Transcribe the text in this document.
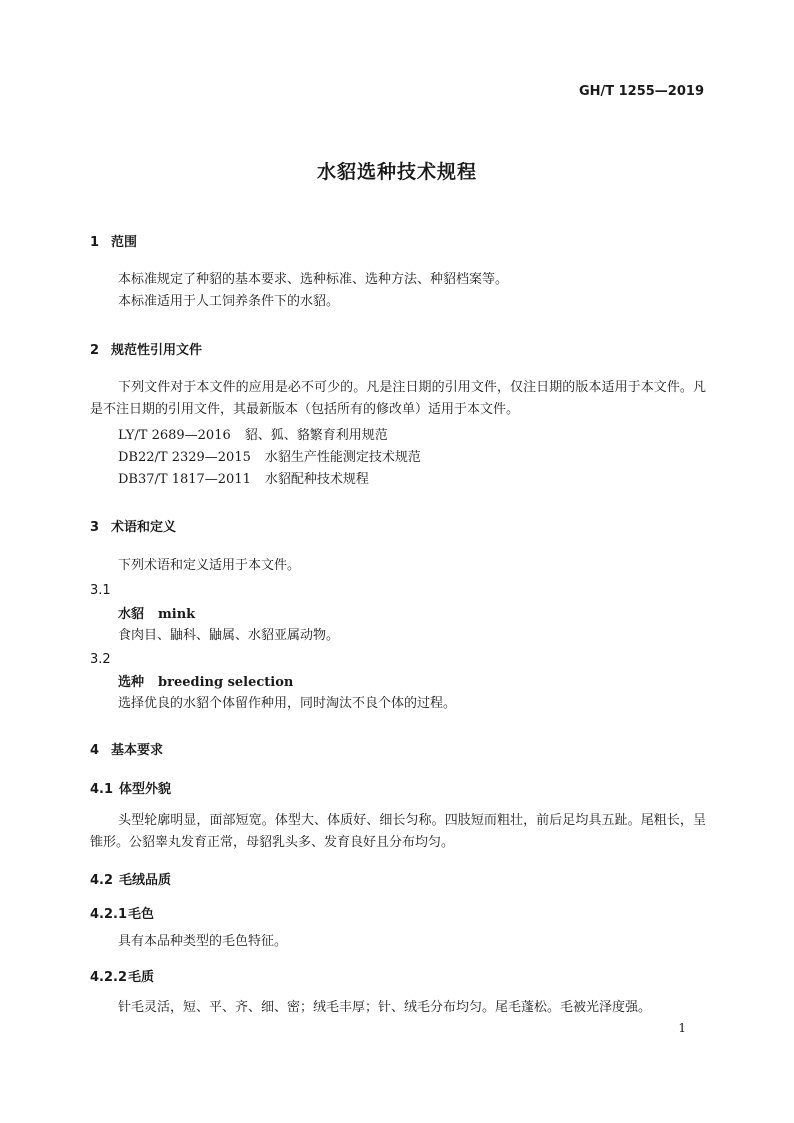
GH/T 1255—2019
水貂选种技术规程
1 范围
本标准规定了种貂的基本要求、选种标准、选种方法、种貂档案等。
本标准适用于人工饲养条件下的水貂。
2 规范性引用文件
下列文件对于本文件的应用是必不可少的。凡是注日期的引用文件，仅注日期的版本适用于本文件。凡是不注日期的引用文件，其最新版本（包括所有的修改单）适用于本文件。
LY/T 2689—2016 貂、狐、貉繁育利用规范
DB22/T 2329—2015 水貂生产性能测定技术规范
DB37/T 1817—2011 水貂配种技术规程
3 术语和定义
下列术语和定义适用于本文件。
3.1
水貂 mink
食肉目、鼬科、鼬属、水貂亚属动物。
3.2
选种 breeding selection
选择优良的水貂个体留作种用，同时淘汰不良个体的过程。
4 基本要求
4.1 体型外貌
头型轮廓明显，面部短宽。体型大、体质好、细长匀称。四肢短而粗壮，前后足均具五趾。尾粗长，呈锥形。公貂睾丸发育正常，母貂乳头多、发育良好且分布均匀。
4.2 毛绒品质
4.2.1毛色
具有本品种类型的毛色特征。
4.2.2毛质
针毛灵活，短、平、齐、细、密；绒毛丰厚；针、绒毛分布均匀。尾毛蓬松。毛被光泽度强。
1
